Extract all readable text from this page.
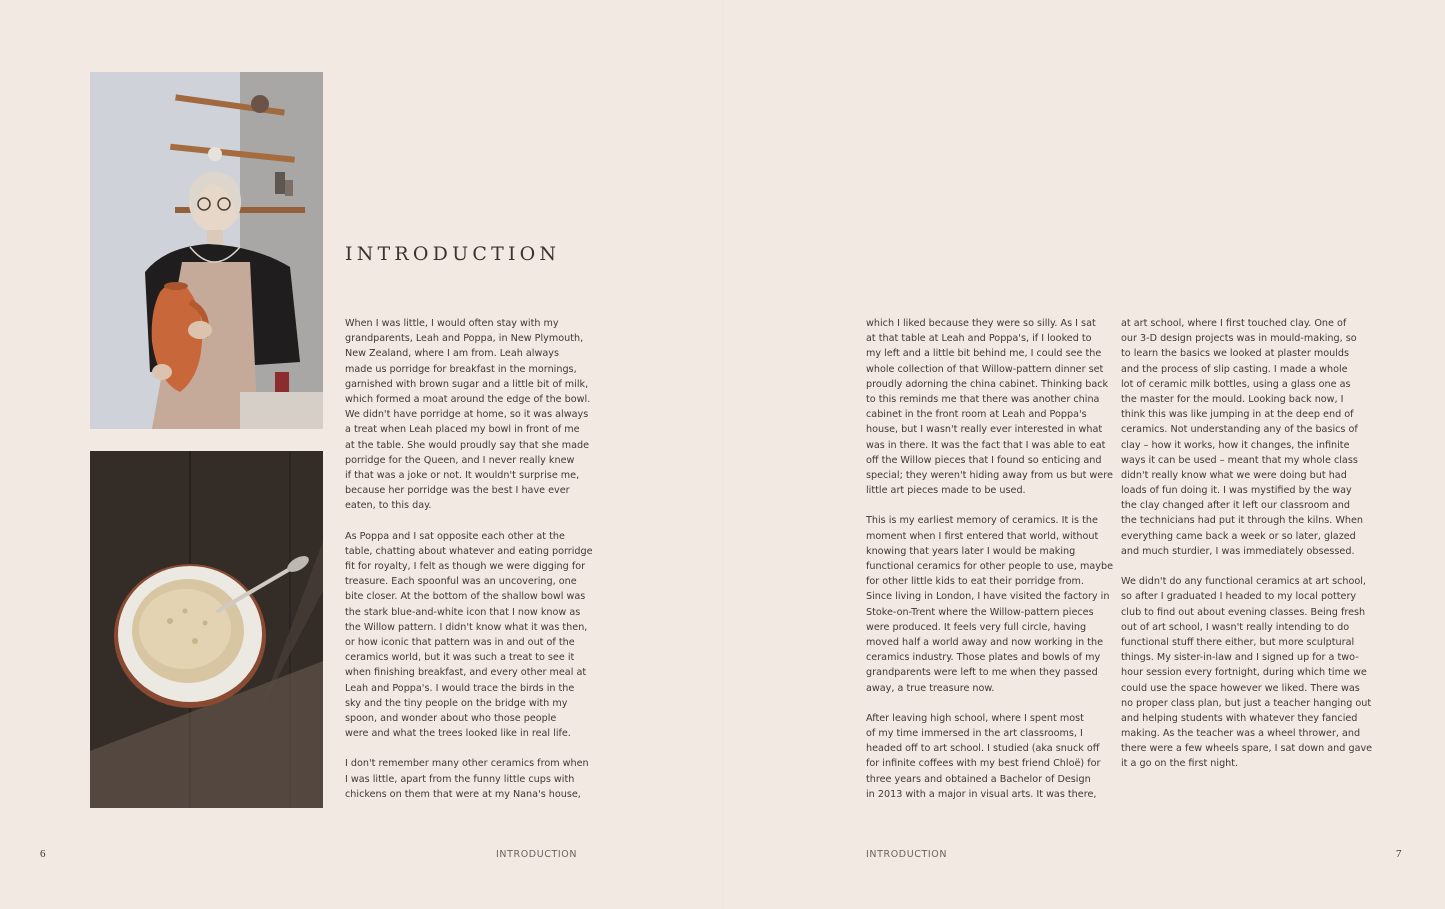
INTRODUCTION

When I was little, I would often stay with my
grandparents, Leah and Poppa, in New Plymouth,
New Zealand, where I am from. Leah always
made us porridge for breakfast in the mornings,
garnished with brown sugar and a little bit of milk,
which formed a moat around the edge of the bowl.
We didn't have porridge at home, so it was always
a treat when Leah placed my bowl in front of me
at the table. She would proudly say that she made
porridge for the Queen, and I never really knew
if that was a joke or not. It wouldn't surprise me,
because her porridge was the best I have ever
eaten, to this day.

As Poppa and I sat opposite each other at the
table, chatting about whatever and eating porridge
fit for royalty, I felt as though we were digging for
treasure. Each spoonful was an uncovering, one
bite closer. At the bottom of the shallow bowl was
the stark blue-and-white icon that I now know as
the Willow pattern. I didn't know what it was then,
or how iconic that pattern was in and out of the
ceramics world, but it was such a treat to see it
when finishing breakfast, and every other meal at
Leah and Poppa's. I would trace the birds in the
sky and the tiny people on the bridge with my
spoon, and wonder about who those people
were and what the trees looked like in real life.

I don't remember many other ceramics from when
I was little, apart from the funny little cups with
chickens on them that were at my Nana's house,

which I liked because they were so silly. As I sat
at that table at Leah and Poppa's, if I looked to
my left and a little bit behind me, I could see the
whole collection of that Willow-pattern dinner set
proudly adorning the china cabinet. Thinking back
to this reminds me that there was another china
cabinet in the front room at Leah and Poppa's
house, but I wasn't really ever interested in what
was in there. It was the fact that I was able to eat
off the Willow pieces that I found so enticing and
special; they weren't hiding away from us but were
little art pieces made to be used.

This is my earliest memory of ceramics. It is the
moment when I first entered that world, without
knowing that years later I would be making
functional ceramics for other people to use, maybe
for other little kids to eat their porridge from.
Since living in London, I have visited the factory in
Stoke-on-Trent where the Willow-pattern pieces
were produced. It feels very full circle, having
moved half a world away and now working in the
ceramics industry. Those plates and bowls of my
grandparents were left to me when they passed
away, a true treasure now.

After leaving high school, where I spent most
of my time immersed in the art classrooms, I
headed off to art school. I studied (aka snuck off
for infinite coffees with my best friend Chloë) for
three years and obtained a Bachelor of Design
in 2013 with a major in visual arts. It was there,

at art school, where I first touched clay. One of
our 3-D design projects was in mould-making, so
to learn the basics we looked at plaster moulds
and the process of slip casting. I made a whole
lot of ceramic milk bottles, using a glass one as
the master for the mould. Looking back now, I
think this was like jumping in at the deep end of
ceramics. Not understanding any of the basics of
clay – how it works, how it changes, the infinite
ways it can be used – meant that my whole class
didn't really know what we were doing but had
loads of fun doing it. I was mystified by the way
the clay changed after it left our classroom and
the technicians had put it through the kilns. When
everything came back a week or so later, glazed
and much sturdier, I was immediately obsessed.

We didn't do any functional ceramics at art school,
so after I graduated I headed to my local pottery
club to find out about evening classes. Being fresh
out of art school, I wasn't really intending to do
functional stuff there either, but more sculptural
things. My sister-in-law and I signed up for a two-
hour session every fortnight, during which time we
could use the space however we liked. There was
no proper class plan, but just a teacher hanging out
and helping students with whatever they fancied
making. As the teacher was a wheel thrower, and
there were a few wheels spare, I sat down and gave
it a go on the first night.

6	INTRODUCTION	INTRODUCTION	7
